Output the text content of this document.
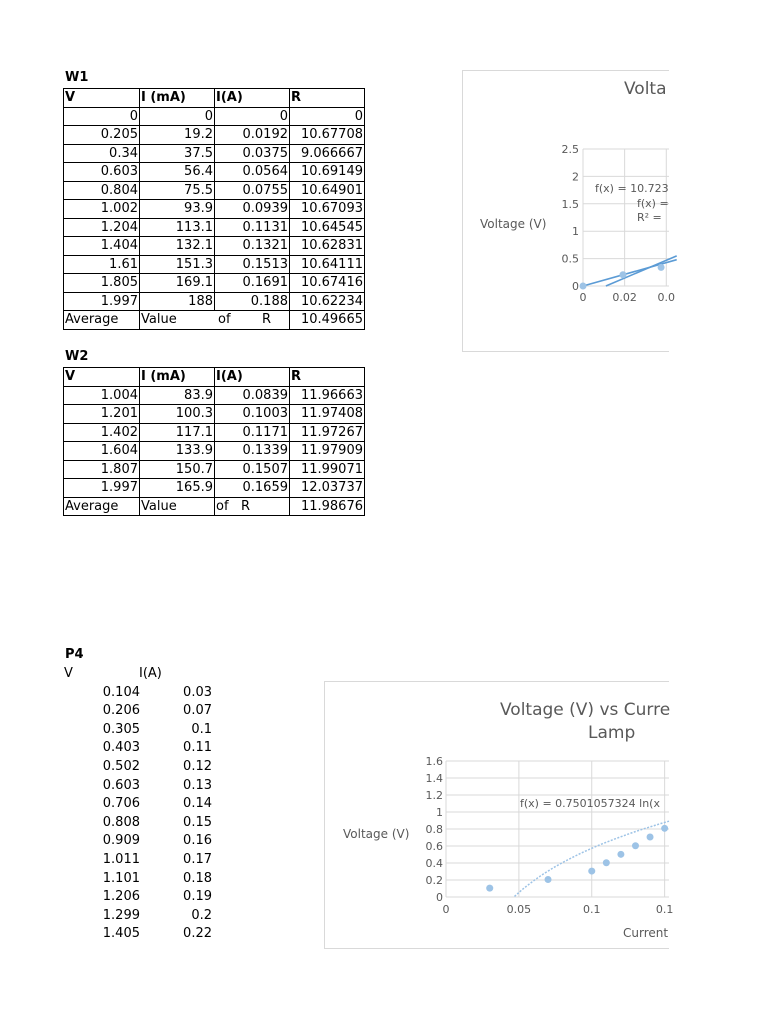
W1
V	I (mA)	I(A)	R
0	0	0	0
0.205	19.2	0.0192	10.67708
0.34	37.5	0.0375	9.066667
0.603	56.4	0.0564	10.69149
0.804	75.5	0.0755	10.64901
1.002	93.9	0.0939	10.67093
1.204	113.1	0.1131	10.64545
1.404	132.1	0.1321	10.62831
1.61	151.3	0.1513	10.64111
1.805	169.1	0.1691	10.67416
1.997	188	0.188	10.62234
Average	Value of R		10.49665
W2
V	I (mA)	I(A)	R
1.004	83.9	0.0839	11.96663
1.201	100.3	0.1003	11.97408
1.402	117.1	0.1171	11.97267
1.604	133.9	0.1339	11.97909
1.807	150.7	0.1507	11.99071
1.997	165.9	0.1659	12.03737
Average	Value	of R	11.98676
P4
V	I(A)
0.104	0.03
0.206	0.07
0.305	0.1
0.403	0.11
0.502	0.12
0.603	0.13
0.706	0.14
0.808	0.15
0.909	0.16
1.011	0.17
1.101	0.18
1.206	0.19
1.299	0.2
1.405	0.22
Volta
Voltage (V)
0
0.5
1
1.5
2
2.5
0 0.02 0.0
f(x) = 10.723
f(x) =
R² =
Voltage (V) vs Curre
Lamp
Voltage (V)
Current
0
0.2
0.4
0.6
0.8
1
1.2
1.4
1.6
0	0.05	0.1	0.1
f(x) = 0.7501057324 ln(x
